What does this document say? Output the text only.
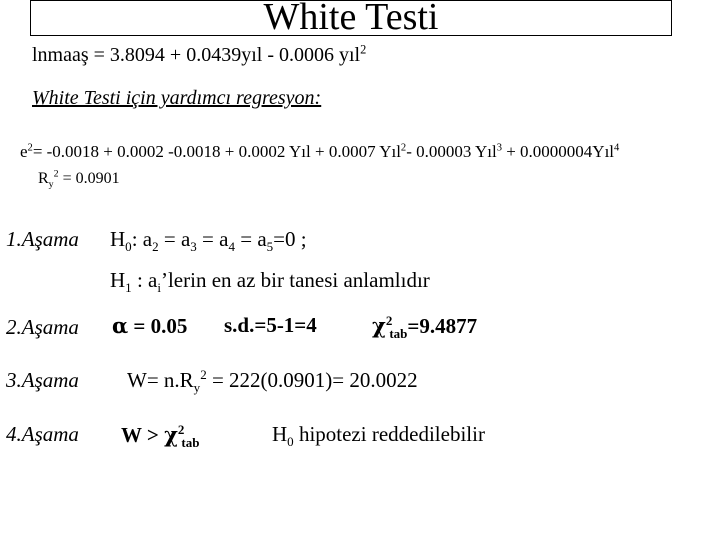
White Testi
lnmaaş = 3.8094 + 0.0439yıl - 0.0006 yıl$^2$
White Testi için yardımcı regresyon:
$e^2= -0.0018 + 0.0002$ -0.0018 + 0.0002 Yıl + 0.0007 Yıl$^2$- 0.00003 Yıl$^3$ + 0.0000004Yıl$^4$
$R_y^2 = 0.0901$
1.Aşama $H_0$: $a_2 = a_3 = a_4 = a_5=0$ ;
$H_1$ : $a_i’lerin$ en az bir tanesi anlamlıdır
2.Aşama α = 0.05 s.d.=5-1=4	$\chi^2_{tab}=9.4877$
3.Aşama $W= n.R_y^2 = 222(0.0901)= 20.0022$
4.Aşama $W > \chi^2_{tab}$	$H_0$ hipotezi reddedilebilir
